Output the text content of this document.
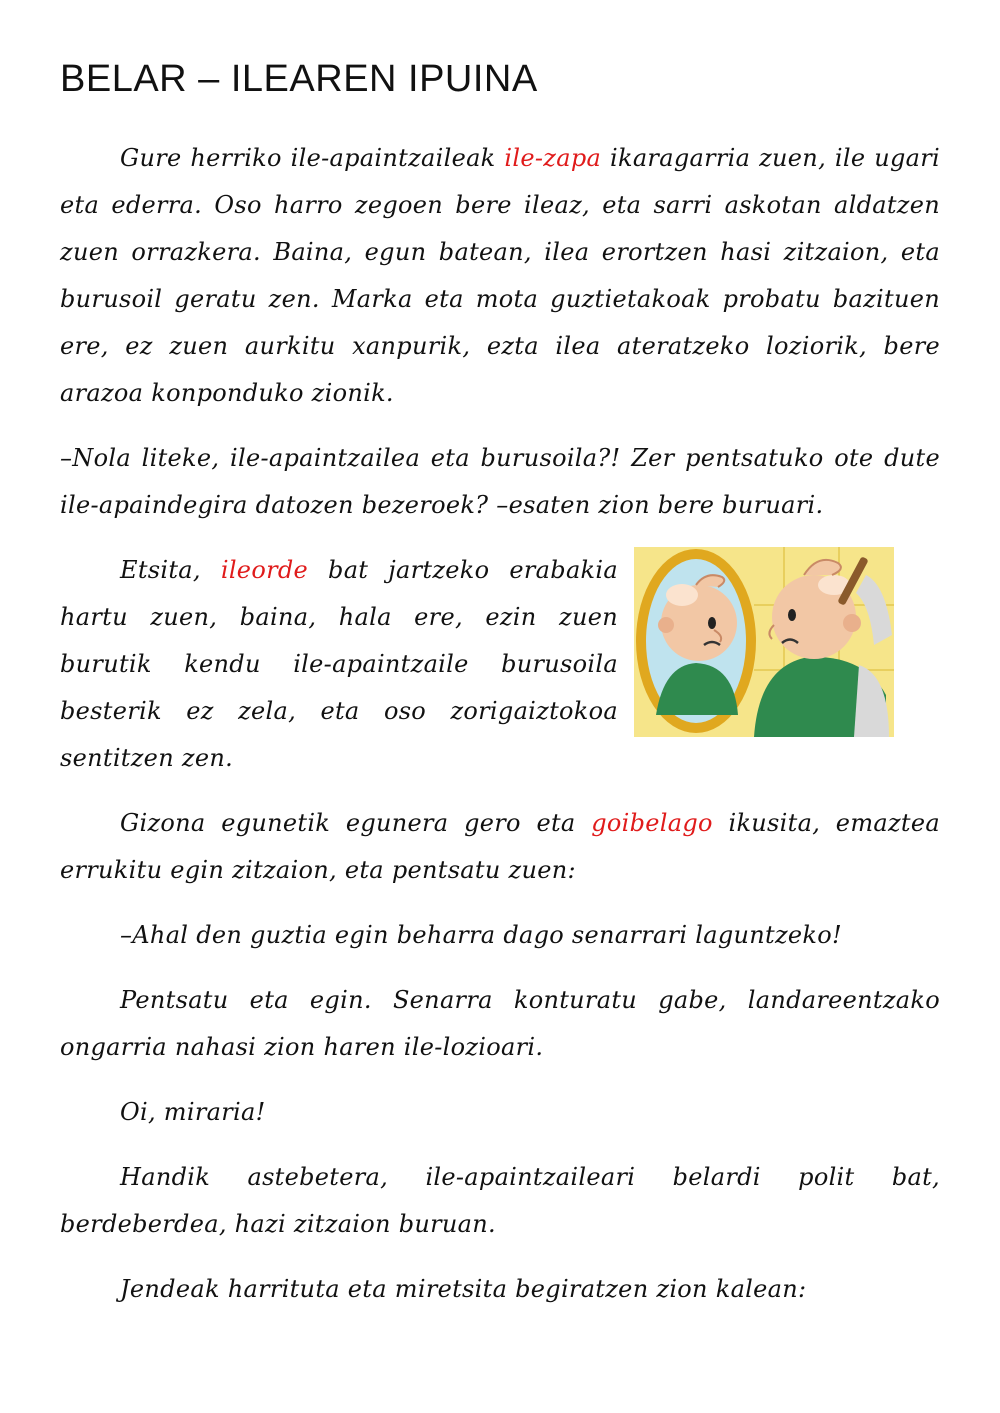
BELAR – ILEAREN IPUINA

Gure herriko ile-apaintzaileak ile-zapa ikaragarria zuen, ile ugari eta ederra. Oso harro zegoen bere ileaz, eta sarri askotan aldatzen zuen orrazkera. Baina, egun batean, ilea erortzen hasi zitzaion, eta burusoil geratu zen. Marka eta mota guztietakoak probatu bazituen ere, ez zuen aurkitu xanpurik, ezta ilea ateratzeko loziorik, bere arazoa konponduko zionik.

–Nola liteke, ile-apaintzailea eta burusoila?! Zer pentsatuko ote dute ile-apaindegira datozen bezeroek? –esaten zion bere buruari.

Etsita, ileorde bat jartzeko erabakia hartu zuen, baina, hala ere, ezin zuen burutik kendu ile-apaintzaile burusoila besterik ez zela, eta oso zorigaiztokoa sentitzen zen.

Gizona egunetik egunera gero eta goibelago ikusita, emaztea errukitu egin zitzaion, eta pentsatu zuen:

–Ahal den guztia egin beharra dago senarrari laguntzeko!

Pentsatu eta egin. Senarra konturatu gabe, landareentzako ongarria nahasi zion haren ile-lozioari.

Oi, miraria!

Handik astebetera, ile-apaintzaileari belardi polit bat, berdeberdea, hazi zitzaion buruan.

Jendeak harrituta eta miretsita begiratzen zion kalean:
